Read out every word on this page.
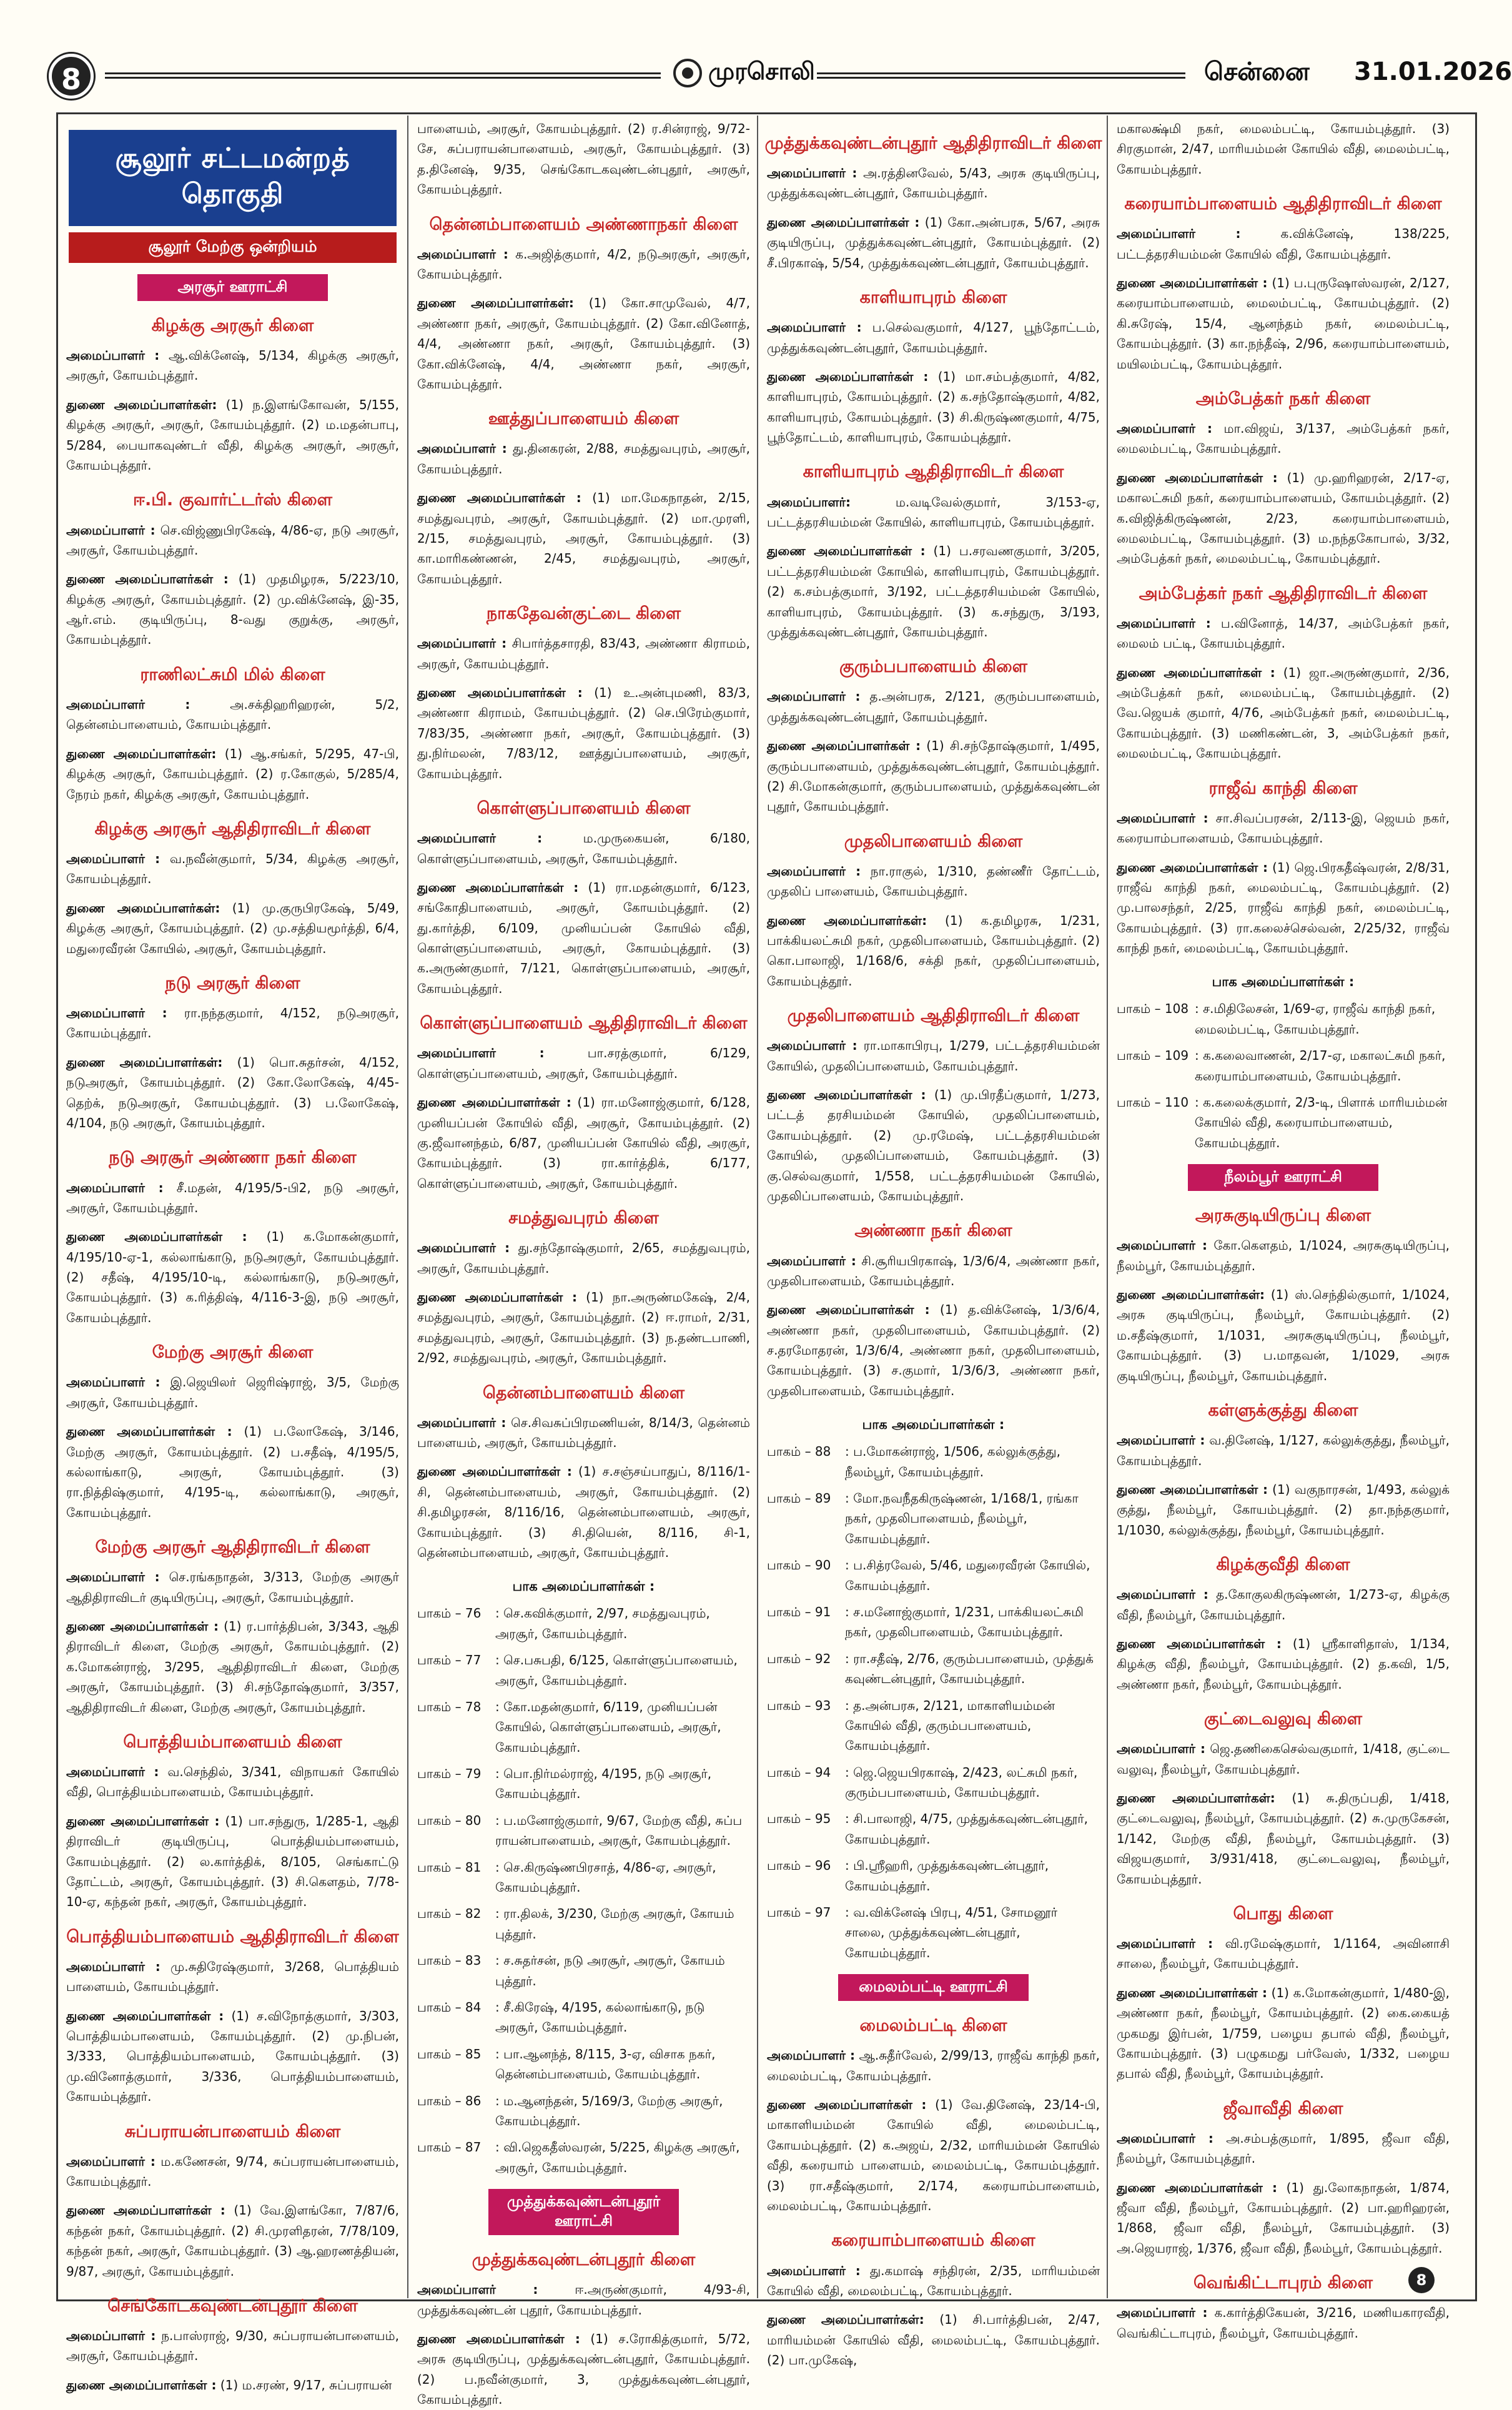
8	முரசொலி	சென்னை 31.01.2026
சூலூர் சட்டமன்றத் தொகுதி
சூலூர் மேற்கு ஒன்றியம்
அரசூர் ஊராட்சி
கிழக்கு அரசூர் கிளை

அமைப்பாளர் : ஆ.விக்னேஷ், 5/134, கிழக்கு அரசூர், அரசூர், கோயம்புத்தூர்.

துணை அமைப்பாளர்கள்: (1) ந.இளங்கோவன், 5/155, கிழக்கு அரசூர், அரசூர், கோயம்புத்தூர். (2) ம.மதன்பாபு, 5/284, பையாகவுண்டர் வீதி, கிழக்கு அரசூர், அரசூர், கோயம்புத்தூர்.

ஈ.பி. குவார்ட்டர்ஸ் கிளை

அமைப்பாளர் : செ.விஜ்ணுபிரகேஷ், 4/86-ஏ, நடு அரசூர், அரசூர், கோயம்புத்தூர்.

துணை அமைப்பாளர்கள் : (1) முதமிழரசு, 5/223/10, கிழக்கு அரசூர், கோயம்புத்தூர். (2) மு.விக்னேஷ், இ-35, ஆர்.எம். குடியிருப்பு, 8-வது குறுக்கு, அரசூர், கோயம்புத்தூர்.

ராணிலட்சுமி மில் கிளை

அமைப்பாளர் : அ.சக்திஹரிஹரன், 5/2, தென்னம்பாளையம், கோயம்புத்தூர்.

துணை அமைப்பாளர்கள்: (1) ஆ.சங்கர், 5/295, 47-பி, கிழக்கு அரசூர், கோயம்புத்தூர். (2) ர.கோகுல், 5/285/4, நேரம் நகர், கிழக்கு அரசூர், கோயம்புத்தூர்.

கிழக்கு அரசூர் ஆதிதிராவிடர் கிளை

அமைப்பாளர் : வ.நவீன்குமார், 5/34, கிழக்கு அரசூர், கோயம்புத்தூர்.

துணை அமைப்பாளர்கள்: (1) மு.குருபிரகேஷ், 5/49, கிழக்கு அரசூர், கோயம்புத்தூர். (2) மு.சத்தியமூர்த்தி, 6/4, மதுரைவீரன் கோயில், அரசூர், கோயம்புத்தூர்.

நடு அரசூர் கிளை

அமைப்பாளர் : ரா.நந்தகுமார், 4/152, நடுஅரசூர், கோயம்புத்தூர்.

துணை அமைப்பாளர்கள்: (1) பொ.சுதர்சன், 4/152, நடுஅரசூர், கோயம்புத்தூர். (2) கோ.லோகேஷ், 4/45-தெற்க், நடுஅரசூர், கோயம்புத்தூர். (3) ப.லோகேஷ், 4/104, நடு அரசூர், கோயம்புத்தூர்.

நடு அரசூர் அண்ணா நகர் கிளை

அமைப்பாளர் : சீ.மதன், 4/195/5-பி2, நடு அரசூர், அரசூர், கோயம்புத்தூர்.

துணை அமைப்பாளர்கள் : (1) க.மோகன்குமார், 4/195/10-ஏ-1, கல்லாங்காடு, நடுஅரசூர், கோயம்புத்தூர். (2) சதீஷ், 4/195/10-டி, கல்லாங்காடு, நடுஅரசூர், கோயம்புத்தூர். (3) க.ரித்திஷ், 4/116-3-இ, நடு அரசூர், கோயம்புத்தூர்.

மேற்கு அரசூர் கிளை

அமைப்பாளர் : இ.ஜெயிலர் ஜெரிஷ்ராஜ், 3/5, மேற்கு அரசூர், கோயம்புத்தூர்.

துணை அமைப்பாளர்கள் : (1) ப.லோகேஷ், 3/146, மேற்கு அரசூர், கோயம்புத்தூர். (2) ப.சதீஷ், 4/195/5, கல்லாங்காடு, அரசூர், கோயம்புத்தூர். (3) ரா.நித்திஷ்குமார், 4/195-டி, கல்லாங்காடு, அரசூர், கோயம்புத்தூர்.

மேற்கு அரசூர் ஆதிதிராவிடர் கிளை

அமைப்பாளர் : செ.ரங்கநாதன், 3/313, மேற்கு அரசூர் ஆதிதிராவிடர் குடியிருப்பு, அரசூர், கோயம்புத்தூர்.

துணை அமைப்பாளர்கள் : (1) ர.பார்த்திபன், 3/343, ஆதி திராவிடர் கிளை, மேற்கு அரசூர், கோயம்புத்தூர். (2) க.மோகன்ராஜ், 3/295, ஆதிதிராவிடர் கிளை, மேற்கு அரசூர், கோயம்புத்தூர். (3) சி.சந்தோஷ்குமார், 3/357, ஆதிதிராவிடர் கிளை, மேற்கு அரசூர், கோயம்புத்தூர்.

பொத்தியம்பாளையம் கிளை

அமைப்பாளர் : வ.செந்தில், 3/341, விநாயகர் கோயில் வீதி, பொத்தியம்பாளையம், கோயம்புத்தூர்.

துணை அமைப்பாளர்கள் : (1) பா.சந்துரு, 1/285-1, ஆதி திராவிடர் குடியிருப்பு, பொத்தியம்பாளையம், கோயம்புத்தூர். (2) ல.கார்த்திக், 8/105, செங்காட்டு தோட்டம், அரசூர், கோயம்புத்தூர். (3) சி.கௌதம், 7/78-10-ஏ, கந்தன் நகர், அரசூர், கோயம்புத்தூர்.

பொத்தியம்பாளையம் ஆதிதிராவிடர் கிளை

அமைப்பாளர் : மு.சுதிரேஷ்குமார், 3/268, பொத்தியம் பாளையம், கோயம்புத்தூர்.

துணை அமைப்பாளர்கள் : (1) ச.விநோத்குமார், 3/303, பொத்தியம்பாளையம், கோயம்புத்தூர். (2) மு.நிபன், 3/333, பொத்தியம்பாளையம், கோயம்புத்தூர். (3) மு.வினோத்குமார், 3/336, பொத்தியம்பாளையம், கோயம்புத்தூர்.

சுப்பராயன்பாளையம் கிளை

அமைப்பாளர் : ம.கணேசன், 9/74, சுப்பராயன்பாளையம், கோயம்புத்தூர்.

துணை அமைப்பாளர்கள் : (1) வே.இளங்கோ, 7/87/6, கந்தன் நகர், கோயம்புத்தூர். (2) சி.முரளிதரன், 7/78/109, கந்தன் நகர், அரசூர், கோயம்புத்தூர். (3) ஆ.ஹரணத்தியன், 9/87, அரசூர், கோயம்புத்தூர்.

செங்கோடகவுண்டன்புதூர் கிளை

அமைப்பாளர் : ந.பாஸ்ராஜ், 9/30, சுப்பராயன்பாளையம், அரசூர், கோயம்புத்தூர்.

துணை அமைப்பாளர்கள் : (1) ம.சரண், 9/17, சுப்பராயன்

பாளையம், அரசூர், கோயம்புத்தூர். (2) ர.சின்ராஜ், 9/72-சே, சுப்பராயன்பாளையம், அரசூர், கோயம்புத்தூர். (3) த.தினேஷ், 9/35, செங்கோடகவுண்டன்புதூர், அரசூர், கோயம்புத்தூர்.

தென்னம்பாளையம் அண்ணாநகர் கிளை

அமைப்பாளர் : க.அஜித்குமார், 4/2, நடுஅரசூர், அரசூர், கோயம்புத்தூர்.

துணை அமைப்பாளர்கள்: (1) கோ.சாமுவேல், 4/7, அண்ணா நகர், அரசூர், கோயம்புத்தூர். (2) கோ.வினோத், 4/4, அண்ணா நகர், அரசூர், கோயம்புத்தூர். (3) கோ.விக்னேஷ், 4/4, அண்ணா நகர், அரசூர், கோயம்புத்தூர்.

ஊத்துப்பாளையம் கிளை

அமைப்பாளர் : து.தினகரன், 2/88, சமத்துவபுரம், அரசூர், கோயம்புத்தூர்.

துணை அமைப்பாளர்கள் : (1) மா.மேகநாதன், 2/15, சமத்துவபுரம், அரசூர், கோயம்புத்தூர். (2) மா.முரளி, 2/15, சமத்துவபுரம், அரசூர், கோயம்புத்தூர். (3) கா.மாரிகண்ணன், 2/45, சமத்துவபுரம், அரசூர், கோயம்புத்தூர்.

நாகதேவன்குட்டை கிளை

அமைப்பாளர் : சிபார்த்தசாரதி, 83/43, அண்ணா கிராமம், அரசூர், கோயம்புத்தூர்.

துணை அமைப்பாளர்கள் : (1) உ.அன்புமணி, 83/3, அண்ணா கிராமம், கோயம்புத்தூர். (2) செ.பிரேம்குமார், 7/83/35, அண்ணா நகர், அரசூர், கோயம்புத்தூர். (3) து.நிர்மலன், 7/83/12, ஊத்துப்பாளையம், அரசூர், கோயம்புத்தூர்.

கொள்ளுப்பாளையம் கிளை

அமைப்பாளர் : ம.முருகையன், 6/180, கொள்ளுப்பாளையம், அரசூர், கோயம்புத்தூர்.

துணை அமைப்பாளர்கள் : (1) ரா.மதன்குமார், 6/123, சங்கோதிபாளையம், அரசூர், கோயம்புத்தூர். (2) து.கார்த்தி, 6/109, முனியப்பன் கோயில் வீதி, கொள்ளுப்பாளையம், அரசூர், கோயம்புத்தூர். (3) க.அருண்குமார், 7/121, கொள்ளுப்பாளையம், அரசூர், கோயம்புத்தூர்.

கொள்ளுப்பாளையம் ஆதிதிராவிடர் கிளை

அமைப்பாளர் : பா.சரத்குமார், 6/129, கொள்ளுப்பாளையம், அரசூர், கோயம்புத்தூர்.

துணை அமைப்பாளர்கள் : (1) ரா.மனோஜ்குமார், 6/128, முனியப்பன் கோயில் வீதி, அரசூர், கோயம்புத்தூர். (2) கு.ஜீவானந்தம், 6/87, முனியப்பன் கோயில் வீதி, அரசூர், கோயம்புத்தூர். (3) ரா.கார்த்திக், 6/177, கொள்ளுப்பாளையம், அரசூர், கோயம்புத்தூர்.

சமத்துவபுரம் கிளை

அமைப்பாளர் : து.சந்தோஷ்குமார், 2/65, சமத்துவபுரம், அரசூர், கோயம்புத்தூர்.

துணை அமைப்பாளர்கள் : (1) நா.அருண்மகேஷ், 2/4, சமத்துவபுரம், அரசூர், கோயம்புத்தூர். (2) ஈ.ராமர், 2/31, சமத்துவபுரம், அரசூர், கோயம்புத்தூர். (3) ந.தண்டபாணி, 2/92, சமத்துவபுரம், அரசூர், கோயம்புத்தூர்.

தென்னம்பாளையம் கிளை

அமைப்பாளர் : செ.சிவசுப்பிரமணியன், 8/14/3, தென்னம் பாளையம், அரசூர், கோயம்புத்தூர்.

துணை அமைப்பாளர்கள் : (1) ச.சஞ்சய்பாதுப், 8/116/1-சி, தென்னம்பாளையம், அரசூர், கோயம்புத்தூர். (2) சி.தமிழரசன், 8/116/16, தென்னம்பாளையம், அரசூர், கோயம்புத்தூர். (3) சி.தியென், 8/116, சி-1, தென்னம்பாளையம், அரசூர், கோயம்புத்தூர்.

பாக அமைப்பாளர்கள் :
பாகம் – 76	: செ.கவிக்குமார், 2/97, சமத்துவபுரம், அரசூர், கோயம்புத்தூர்.
பாகம் – 77	: செ.பசுபதி, 6/125, கொள்ளுப்பாளையம், அரசூர், கோயம்புத்தூர்.
பாகம் – 78	: கோ.மதன்குமார், 6/119, முனியப்பன் கோயில், கொள்ளுப்பாளையம், அரசூர், கோயம்புத்தூர்.
பாகம் – 79	: பொ.நிர்மல்ராஜ், 4/195, நடு அரசூர், கோயம்புத்தூர்.
பாகம் – 80	: ப.மனோஜ்குமார், 9/67, மேற்கு வீதி, சுப்ப ராயன்பாளையம், அரசூர், கோயம்புத்தூர்.
பாகம் – 81	: செ.கிருஷ்ணபிரசாத், 4/86-ஏ, அரசூர், கோயம்புத்தூர்.
பாகம் – 82	: ரா.திலக், 3/230, மேற்கு அரசூர், கோயம் புத்தூர்.
பாகம் – 83	: ச.சுதர்சன், நடு அரசூர், அரசூர், கோயம் புத்தூர்.
பாகம் – 84	: சீ.கிரேஷ், 4/195, கல்லாங்காடு, நடு அரசூர், கோயம்புத்தூர்.
பாகம் – 85	: பா.ஆனந்த், 8/115, 3-ஏ, விசாக நகர், தென்னம்பாளையம், கோயம்புத்தூர்.
பாகம் – 86	: ம.ஆனந்தன், 5/169/3, மேற்கு அரசூர், கோயம்புத்தூர்.
பாகம் – 87	: வி.ஜெகதீஸ்வரன், 5/225, கிழக்கு அரசூர், அரசூர், கோயம்புத்தூர்.
முத்துக்கவுண்டன்புதூர் ஊராட்சி
முத்துக்கவுண்டன்புதூர் கிளை

அமைப்பாளர் : ஈ.அருண்குமார், 4/93-சி, முத்துக்கவுண்டன் புதூர், கோயம்புத்தூர்.

துணை அமைப்பாளர்கள் : (1) ச.ரோகித்குமார், 5/72, அரசு குடியிருப்பு, முத்துக்கவுண்டன்புதூர், கோயம்புத்தூர். (2) ப.நவீன்குமார், 3, முத்துக்கவுண்டன்புதூர், கோயம்புத்தூர்.

முத்துக்கவுண்டன்புதூர் ஆதிதிராவிடர் கிளை

அமைப்பாளர் : அ.ரத்தினவேல், 5/43, அரசு குடியிருப்பு, முத்துக்கவுண்டன்புதூர், கோயம்புத்தூர்.

துணை அமைப்பாளர்கள் : (1) கோ.அன்பரசு, 5/67, அரசு குடியிருப்பு, முத்துக்கவுண்டன்புதூர், கோயம்புத்தூர். (2) சீ.பிரகாஷ், 5/54, முத்துக்கவுண்டன்புதூர், கோயம்புத்தூர்.

காளியாபுரம் கிளை

அமைப்பாளர் : ப.செல்வகுமார், 4/127, பூந்தோட்டம், முத்துக்கவுண்டன்புதூர், கோயம்புத்தூர்.

துணை அமைப்பாளர்கள் : (1) மா.சம்பத்குமார், 4/82, காளியாபுரம், கோயம்புத்தூர். (2) க.சந்தோஷ்குமார், 4/82, காளியாபுரம், கோயம்புத்தூர். (3) சி.கிருஷ்ணகுமார், 4/75, பூந்தோட்டம், காளியாபுரம், கோயம்புத்தூர்.

காளியாபுரம் ஆதிதிராவிடர் கிளை

அமைப்பாளர்: ம.வடிவேல்குமார், 3/153-ஏ, பட்டத்தரசியம்மன் கோயில், காளியாபுரம், கோயம்புத்தூர்.

துணை அமைப்பாளர்கள் : (1) ப.சரவணகுமார், 3/205, பட்டத்தரசியம்மன் கோயில், காளியாபுரம், கோயம்புத்தூர். (2) க.சம்பத்குமார், 3/192, பட்டத்தரசியம்மன் கோயில், காளியாபுரம், கோயம்புத்தூர். (3) க.சந்துரு, 3/193, முத்துக்கவுண்டன்புதூர், கோயம்புத்தூர்.

குரும்பபாளையம் கிளை

அமைப்பாளர் : த.அன்பரசு, 2/121, குரும்பபாளையம், முத்துக்கவுண்டன்புதூர், கோயம்புத்தூர்.

துணை அமைப்பாளர்கள் : (1) சி.சந்தோஷ்குமார், 1/495, குரும்பபாளையம், முத்துக்கவுண்டன்புதூர், கோயம்புத்தூர். (2) சி.மோகன்குமார், குரும்பபாளையம், முத்துக்கவுண்டன் புதூர், கோயம்புத்தூர்.

முதலிபாளையம் கிளை

அமைப்பாளர் : நா.ராகுல், 1/310, தண்ணீர் தோட்டம், முதலிப் பாளையம், கோயம்புத்தூர்.

துணை அமைப்பாளர்கள்: (1) க.தமிழரசு, 1/231, பாக்கியலட்சுமி நகர், முதலிபாளையம், கோயம்புத்தூர். (2) கொ.பாலாஜி, 1/168/6, சக்தி நகர், முதலிப்பாளையம், கோயம்புத்தூர்.

முதலிபாளையம் ஆதிதிராவிடர் கிளை

அமைப்பாளர் : ரா.மாகாபிரபு, 1/279, பட்டத்தரசியம்மன் கோயில், முதலிப்பாளையம், கோயம்புத்தூர்.

துணை அமைப்பாளர்கள் : (1) மு.பிரதீப்குமார், 1/273, பட்டத் தரசியம்மன் கோயில், முதலிப்பாளையம், கோயம்புத்தூர். (2) மு.ரமேஷ், பட்டத்தரசியம்மன் கோயில், முதலிப்பாளையம், கோயம்புத்தூர். (3) கு.செல்வகுமார், 1/558, பட்டத்தரசியம்மன் கோயில், முதலிப்பாளையம், கோயம்புத்தூர்.

அண்ணா நகர் கிளை

அமைப்பாளர் : சி.சூரியபிரகாஷ், 1/3/6/4, அண்ணா நகர், முதலிபாளையம், கோயம்புத்தூர்.

துணை அமைப்பாளர்கள் : (1) த.விக்னேஷ், 1/3/6/4, அண்ணா நகர், முதலிபாளையம், கோயம்புத்தூர். (2) ச.தரமோதரன், 1/3/6/4, அண்ணா நகர், முதலிபாளையம், கோயம்புத்தூர். (3) ச.குமார், 1/3/6/3, அண்ணா நகர், முதலிபாளையம், கோயம்புத்தூர்.

பாக அமைப்பாளர்கள் :
பாகம் – 88	: ப.மோகன்ராஜ், 1/506, கல்லுக்குத்து, நீலம்பூர், கோயம்புத்தூர்.
பாகம் – 89	: மோ.நவநீதகிருஷ்ணன், 1/168/1, ரங்கா நகர், முதலிபாளையம், நீலம்பூர், கோயம்புத்தூர்.
பாகம் – 90	: ப.சித்ரவேல், 5/46, மதுரைவீரன் கோயில், கோயம்புத்தூர்.
பாகம் – 91	: ச.மனோஜ்குமார், 1/231, பாக்கியலட்சுமி நகர், முதலிபாளையம், கோயம்புத்தூர்.
பாகம் – 92	: ரா.சதீஷ், 2/76, குரும்பபாளையம், முத்துக் கவுண்டன்புதூர், கோயம்புத்தூர்.
பாகம் – 93	: த.அன்பரசு, 2/121, மாகாளியம்மன் கோயில் வீதி, குரும்பபாளையம், கோயம்புத்தூர்.
பாகம் – 94	: ஜெ.ஜெயபிரகாஷ், 2/423, லட்சுமி நகர், குரும்பபாளையம், கோயம்புத்தூர்.
பாகம் – 95	: சி.பாலாஜி, 4/75, முத்துக்கவுண்டன்புதூர், கோயம்புத்தூர்.
பாகம் – 96	: பி.ஸ்ரீஹரி, முத்துக்கவுண்டன்புதூர், கோயம்புத்தூர்.
பாகம் – 97	: வ.விக்னேஷ் பிரபு, 4/51, சோமனூர் சாலை, முத்துக்கவுண்டன்புதூர், கோயம்புத்தூர்.
மைலம்பட்டி ஊராட்சி
மைலம்பட்டி கிளை

அமைப்பாளர் : ஆ.சுதீர்வேல், 2/99/13, ராஜீவ் காந்தி நகர், மைலம்பட்டி, கோயம்புத்தூர்.

துணை அமைப்பாளர்கள் : (1) வே.தினேஷ், 23/14-பி, மாகாளியம்மன் கோயில் வீதி, மைலம்பட்டி, கோயம்புத்தூர். (2) க.அஜய், 2/32, மாரியம்மன் கோயில் வீதி, கரையாம் பாளையம், மைலம்பட்டி, கோயம்புத்தூர். (3) ரா.சதீஷ்குமார், 2/174, கரையாம்பாளையம், மைலம்பட்டி, கோயம்புத்தூர்.

கரையாம்பாளையம் கிளை

அமைப்பாளர் : து.கமாஷ் சந்திரன், 2/35, மாரியம்மன் கோயில் வீதி, மைலம்பட்டி, கோயம்புத்தூர்.

துணை அமைப்பாளர்கள்: (1) சி.பார்த்திபன், 2/47, மாரியம்மன் கோயில் வீதி, மைலம்பட்டி, கோயம்புத்தூர். (2) பா.முகேஷ்,

மகாலக்ஷ்மி நகர், மைலம்பட்டி, கோயம்புத்தூர். (3) சிரகுமான், 2/47, மாரியம்மன் கோயில் வீதி, மைலம்பட்டி, கோயம்புத்தூர்.

கரையாம்பாளையம் ஆதிதிராவிடர் கிளை

அமைப்பாளர் : க.விக்னேஷ், 138/225, பட்டத்தரசியம்மன் கோயில் வீதி, கோயம்புத்தூர்.

துணை அமைப்பாளர்கள் : (1) ப.புருஷோஸ்வரன், 2/127, கரையாம்பாளையம், மைலம்பட்டி, கோயம்புத்தூர். (2) கி.சுரேஷ், 15/4, ஆனந்தம் நகர், மைலம்பட்டி, கோயம்புத்தூர். (3) கா.நந்தீஷ், 2/96, கரையாம்பாளையம், மயிலம்பட்டி, கோயம்புத்தூர்.

அம்பேத்கர் நகர் கிளை

அமைப்பாளர் : மா.விஜய், 3/137, அம்பேத்கர் நகர், மைலம்பட்டி, கோயம்புத்தூர்.

துணை அமைப்பாளர்கள் : (1) மு.ஹரிஹரன், 2/17-ஏ, மகாலட்சுமி நகர், கரையாம்பாளையம், கோயம்புத்தூர். (2) க.விஜித்கிருஷ்ணன், 2/23, கரையாம்பாளையம், மைலம்பட்டி, கோயம்புத்தூர். (3) ம.நந்தகோபால், 3/32, அம்பேத்கர் நகர், மைலம்பட்டி, கோயம்புத்தூர்.

அம்பேத்கர் நகர் ஆதிதிராவிடர் கிளை

அமைப்பாளர் : ப.வினோத், 14/37, அம்பேத்கர் நகர், மைலம் பட்டி, கோயம்புத்தூர்.

துணை அமைப்பாளர்கள் : (1) ஜா.அருண்குமார், 2/36, அம்பேத்கர் நகர், மைலம்பட்டி, கோயம்புத்தூர். (2) வே.ஜெயக் குமார், 4/76, அம்பேத்கர் நகர், மைலம்பட்டி, கோயம்புத்தூர். (3) மணிகண்டன், 3, அம்பேத்கர் நகர், மைலம்பட்டி, கோயம்புத்தூர்.

ராஜீவ் காந்தி கிளை

அமைப்பாளர் : சா.சிவப்பரசன், 2/113-இ, ஜெயம் நகர், கரையாம்பாளையம், கோயம்புத்தூர்.

துணை அமைப்பாளர்கள் : (1) ஜெ.பிரகதீஷ்வரன், 2/8/31, ராஜீவ் காந்தி நகர், மைலம்பட்டி, கோயம்புத்தூர். (2) மு.பாலசந்தர், 2/25, ராஜீவ் காந்தி நகர், மைலம்பட்டி, கோயம்புத்தூர். (3) ரா.கலைச்செல்வன், 2/25/32, ராஜீவ் காந்தி நகர், மைலம்பட்டி, கோயம்புத்தூர்.

பாக அமைப்பாளர்கள் :
பாகம் – 108 : ச.மிதிலேசன், 1/69-ஏ, ராஜீவ் காந்தி நகர், மைலம்பட்டி, கோயம்புத்தூர்.
பாகம் – 109 : க.கலைவாணன், 2/17-ஏ, மகாலட்சுமி நகர், கரையாம்பாளையம், கோயம்புத்தூர்.
பாகம் – 110 : க.கலைக்குமார், 2/3-டி, பிளாக் மாரியம்மன் கோயில் வீதி, கரையாம்பாளையம், கோயம்புத்தூர்.
நீலம்பூர் ஊராட்சி
அரசுகுடியிருப்பு கிளை

அமைப்பாளர் : கோ.கௌதம், 1/1024, அரசுகுடியிருப்பு, நீலம்பூர், கோயம்புத்தூர்.

துணை அமைப்பாளர்கள்: (1) ஸ்.செந்தில்குமார், 1/1024, அரசு குடியிருப்பு, நீலம்பூர், கோயம்புத்தூர். (2) ம.சதீஷ்குமார், 1/1031, அரசுகுடியிருப்பு, நீலம்பூர், கோயம்புத்தூர். (3) ப.மாதவன், 1/1029, அரசு குடியிருப்பு, நீலம்பூர், கோயம்புத்தூர்.

கள்ளுக்குத்து கிளை

அமைப்பாளர் : வ.தினேஷ், 1/127, கல்லுக்குத்து, நீலம்பூர், கோயம்புத்தூர்.

துணை அமைப்பாளர்கள் : (1) வகுநாரசன், 1/493, கல்லுக் குத்து, நீலம்பூர், கோயம்புத்தூர். (2) தா.நந்தகுமார், 1/1030, கல்லுக்குத்து, நீலம்பூர், கோயம்புத்தூர்.

கிழக்குவீதி கிளை

அமைப்பாளர் : த.கோகுலகிருஷ்ணன், 1/273-ஏ, கிழக்கு வீதி, நீலம்பூர், கோயம்புத்தூர்.

துணை அமைப்பாளர்கள் : (1) ஸ்ரீகாளிதாஸ், 1/134, கிழக்கு வீதி, நீலம்பூர், கோயம்புத்தூர். (2) த.கவி, 1/5, அண்ணா நகர், நீலம்பூர், கோயம்புத்தூர்.

குட்டைவலுவு கிளை

அமைப்பாளர் : ஜெ.தணிகைசெல்வகுமார், 1/418, குட்டை வலுவு, நீலம்பூர், கோயம்புத்தூர்.

துணை அமைப்பாளர்கள்: (1) சு.திருப்பதி, 1/418, குட்டைவலுவு, நீலம்பூர், கோயம்புத்தூர். (2) சு.முருகேசன், 1/142, மேற்கு வீதி, நீலம்பூர், கோயம்புத்தூர். (3) விஜயகுமார், 3/931/418, குட்டைவலுவு, நீலம்பூர், கோயம்புத்தூர்.

பொது கிளை

அமைப்பாளர் : வி.ரமேஷ்குமார், 1/1164, அவினாசி சாலை, நீலம்பூர், கோயம்புத்தூர்.

துணை அமைப்பாளர்கள் : (1) க.மோகன்குமார், 1/480-இ, அண்ணா நகர், நீலம்பூர், கோயம்புத்தூர். (2) கை.கையத் முகமது இர்பன், 1/759, பழைய தபால் வீதி, நீலம்பூர், கோயம்புத்தூர். (3) பழுகமது பர்வேஸ், 1/332, பழைய தபால் வீதி, நீலம்பூர், கோயம்புத்தூர்.

ஜீவாவீதி கிளை

அமைப்பாளர் : அ.சம்பத்குமார், 1/895, ஜீவா வீதி, நீலம்பூர், கோயம்புத்தூர்.

துணை அமைப்பாளர்கள் : (1) து.லோகநாதன், 1/874, ஜீவா வீதி, நீலம்பூர், கோயம்புத்தூர். (2) பா.ஹரிஹரன், 1/868, ஜீவா வீதி, நீலம்பூர், கோயம்புத்தூர். (3) அ.ஜெயராஜ், 1/376, ஜீவா வீதி, நீலம்பூர், கோயம்புத்தூர்.

வெங்கிட்டாபுரம் கிளை

அமைப்பாளர் : க.கார்த்திகேயன், 3/216, மணியகாரவீதி, வெங்கிட்டாபுரம், நீலம்பூர், கோயம்புத்தூர்.

8
